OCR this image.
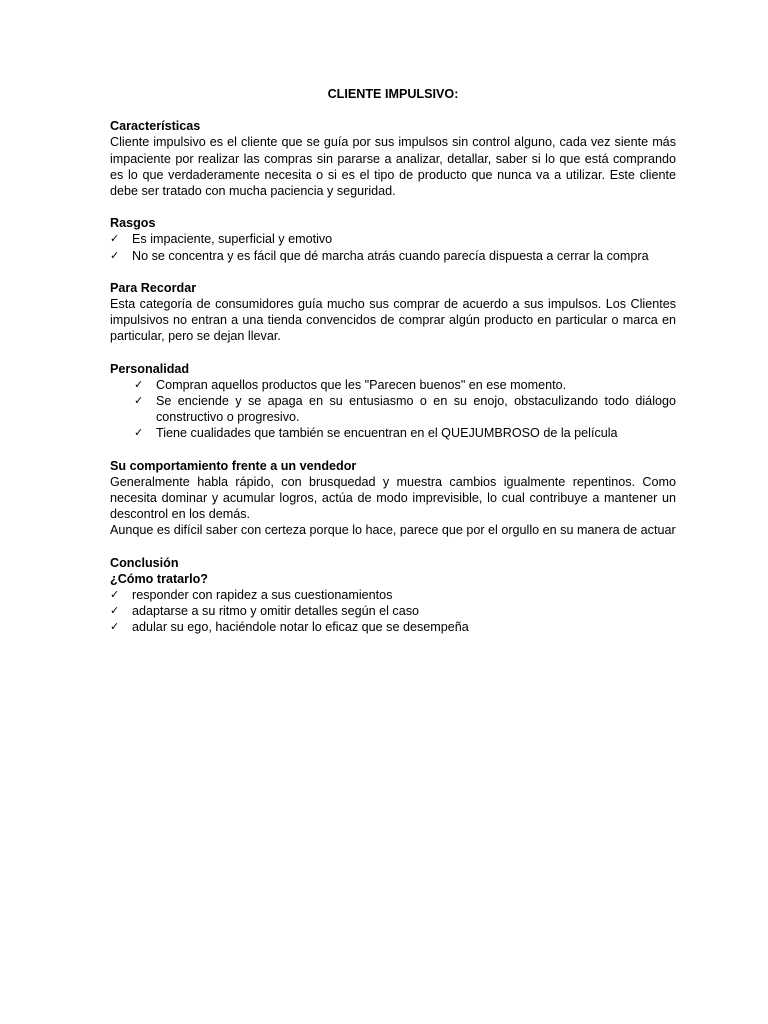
CLIENTE IMPULSIVO:

Características

Cliente impulsivo es el cliente que se guía por sus impulsos sin control alguno, cada vez siente más impaciente por realizar las compras sin pararse a analizar, detallar, saber si lo que está comprando es lo que verdaderamente necesita o si es el tipo de producto que nunca va a utilizar. Este cliente debe ser tratado con mucha paciencia y seguridad.

Rasgos

✓ Es impaciente, superficial y emotivo
✓ No se concentra y es fácil que dé marcha atrás cuando parecía dispuesta a cerrar la compra

Para Recordar

Esta categoría de consumidores guía mucho sus comprar de acuerdo a sus impulsos. Los Clientes impulsivos no entran a una tienda convencidos de comprar algún producto en particular o marca en particular, pero se dejan llevar.

Personalidad

✓ Compran aquellos productos que les "Parecen buenos" en ese momento.
✓ Se enciende y se apaga en su entusiasmo o en su enojo, obstaculizando todo diálogo constructivo o progresivo.
✓ Tiene cualidades que también se encuentran en el QUEJUMBROSO de la película

Su comportamiento frente a un vendedor

Generalmente habla rápido, con brusquedad y muestra cambios igualmente repentinos. Como necesita dominar y acumular logros, actúa de modo imprevisible, lo cual contribuye a mantener un descontrol en los demás.

Aunque es difícil saber con certeza porque lo hace, parece que por el orgullo en su manera de actuar

Conclusión

¿Cómo tratarlo?

✓ responder con rapidez a sus cuestionamientos
✓ adaptarse a su ritmo y omitir detalles según el caso
✓ adular su ego, haciéndole notar lo eficaz que se desempeña
